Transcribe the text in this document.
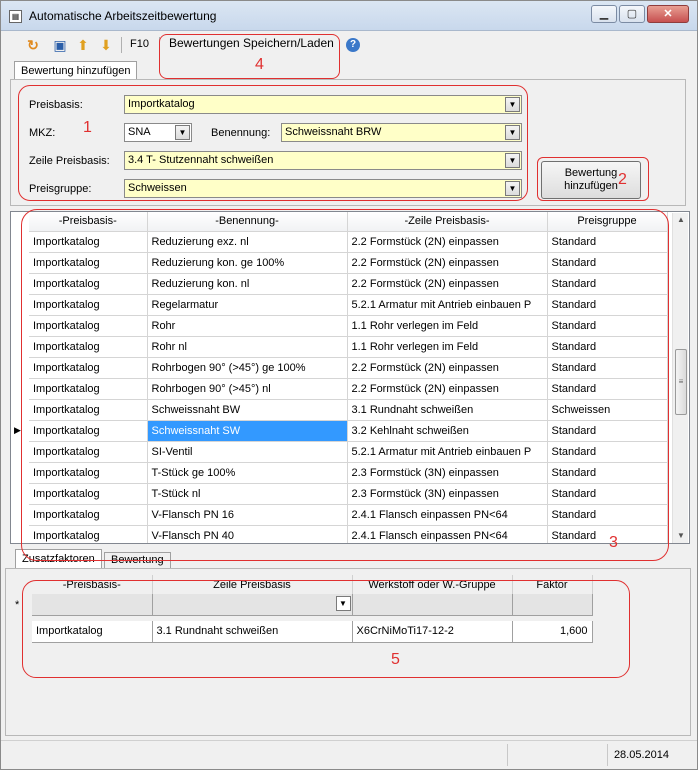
▦ Automatische Arbeitszeitbewertung	▁	▢	✕
↻ ▣ ⬆ ⬇ F10	Bewertungen Speichern/Laden	?
Bewertung hinzufügen
Preisbasis:	Importkatalog	▼
MKZ:	SNA	▼	Benennung:	Schweissnaht BRW	▼
Zeile Preisbasis:	3.4 T- Stutzennaht schweißen	▼
Preisgruppe:	Schweissen	▼
Bewertung
hinzufügen
-Preisbasis-	-Benennung-	-Zeile Preisbasis-	Preisgruppe
Importkatalog	Reduzierung exz. nl	2.2 Formstück (2N) einpassen	Standard
Importkatalog	Reduzierung kon. ge 100%	2.2 Formstück (2N) einpassen	Standard
Importkatalog	Reduzierung kon. nl	2.2 Formstück (2N) einpassen	Standard
Importkatalog	Regelarmatur	5.2.1 Armatur mit Antrieb einbauen P	Standard
Importkatalog	Rohr	1.1 Rohr verlegen im Feld	Standard
Importkatalog	Rohr nl	1.1 Rohr verlegen im Feld	Standard
Importkatalog	Rohrbogen 90° (>45°) ge 100%	2.2 Formstück (2N) einpassen	Standard
Importkatalog	Rohrbogen 90° (>45°) nl	2.2 Formstück (2N) einpassen	Standard
Importkatalog	Schweissnaht BW	3.1 Rundnaht schweißen	Schweissen
Importkatalog	Schweissnaht SW	3.2 Kehlnaht schweißen	Standard
Importkatalog	SI-Ventil	5.2.1 Armatur mit Antrieb einbauen P	Standard
Importkatalog	T-Stück ge 100%	2.3 Formstück (3N) einpassen	Standard
Importkatalog	T-Stück nl	2.3 Formstück (3N) einpassen	Standard
Importkatalog	V-Flansch PN 16	2.4.1 Flansch einpassen PN<64	Standard
Importkatalog	V-Flansch PN 40	2.4.1 Flansch einpassen PN<64	Standard
▲
≡
▼
▶
Zusatzfaktoren	Bewertung
	-Preisbasis-	Zeile Preisbasis	Werkstoff oder W.-Gruppe	Faktor
*		▼		

	Importkatalog	3.1 Rundnaht schweißen	X6CrNiMoTi17-12-2	1,600
28.05.2014
1
2
3
4
5
